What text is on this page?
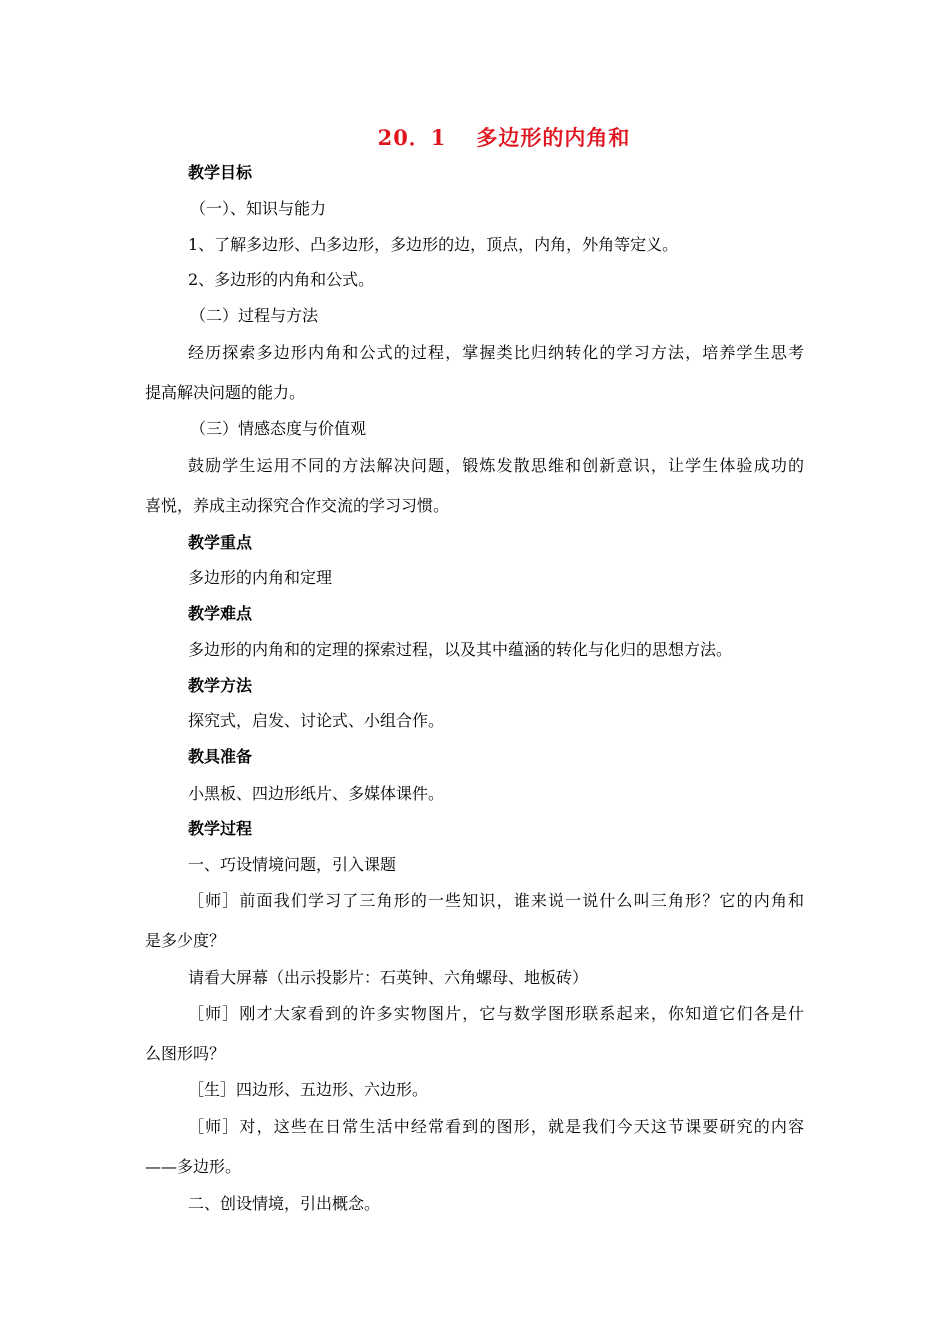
20．1 多边形的内角和
教学目标
（一）、知识与能力
1、了解多边形、凸多边形，多边形的边，顶点，内角，外角等定义。
2、多边形的内角和公式。
（二）过程与方法
经历探索多边形内角和公式的过程，掌握类比归纳转化的学习方法，培养学生思考
提高解决问题的能力。
（三）情感态度与价值观
鼓励学生运用不同的方法解决问题，锻炼发散思维和创新意识，让学生体验成功的
喜悦，养成主动探究合作交流的学习习惯。
教学重点
多边形的内角和定理
教学难点
多边形的内角和的定理的探索过程，以及其中蕴涵的转化与化归的思想方法。
教学方法
探究式，启发、讨论式、小组合作。
教具准备
小黑板、四边形纸片、多媒体课件。
教学过程
一、巧设情境问题，引入课题
［师］前面我们学习了三角形的一些知识，谁来说一说什么叫三角形？它的内角和
是多少度？
请看大屏幕（出示投影片：石英钟、六角螺母、地板砖）
［师］刚才大家看到的许多实物图片，它与数学图形联系起来，你知道它们各是什
么图形吗？
［生］四边形、五边形、六边形。
［师］对，这些在日常生活中经常看到的图形，就是我们今天这节课要研究的内容
——多边形。
二、创设情境，引出概念。
